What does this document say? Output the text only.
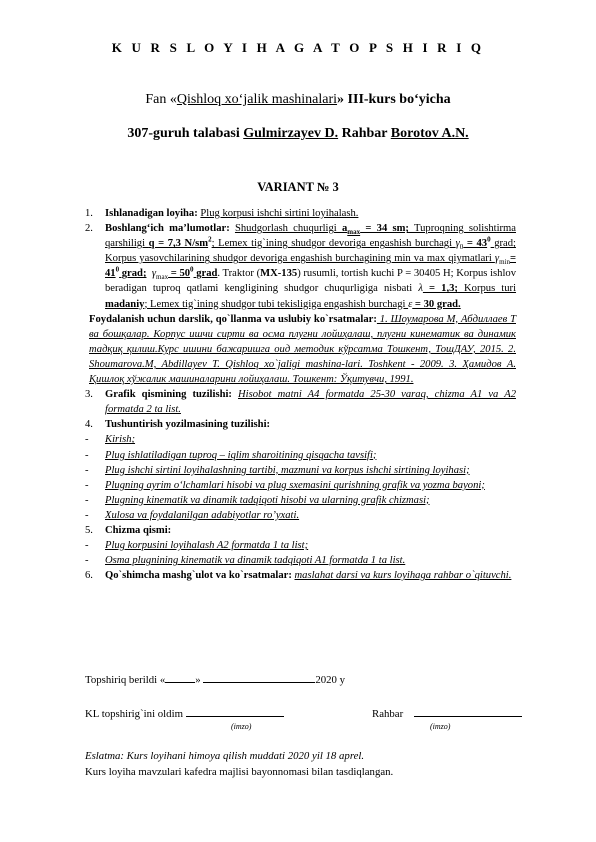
K U R S L O Y I H A G A T O P S H I R I Q
Fan «Qishloq xo‘jalik mashinalari» III-kurs bo‘yicha
307-guruh talabasi Gulmirzayev D. Rahbar Borotov A.N.
VARIANT № 3
1. Ishlanadigan loyiha: Plug korpusi ishchi sirtini loyihalash.
2. Boshlang‘ich ma’lumotlar: Shudgorlash chuqurligi $a_{max} = 34$ sm; Tuproqning solishtirma qarshiligi q = 7,3 $N/sm^2$; Lemex tig`ining shudgor devoriga engashish burchagi $\gamma_0 = 43^0$ grad; Korpus yasovchilarining shudgor devoriga engashish burchagining min va max qiymatlari $\gamma_{min}= 41^0$ grad; $\gamma_{max} = 50^0$ grad. Traktor (MX-135) rusumli, tortish kuchi P = 30405 H; Korpus ishlov beradigan tuproq qatlami kengligining shudgor chuqurligiga nisbati λ = 1,3; Korpus turi madaniy; Lemex tig`ining shudgor tubi tekisligiga engashish burchagi ε = 30 grad.
Foydalanish uchun darslik, qo`llanma va uslubiy ko`rsatmalar: 1. Шоумарова М, Абдиллаев Т ва бошқалар. Корпус ишчи сирти ва осма плугни лойиҳалаш, плугни кинематик ва динамик тадқиқ қилиш.Курс ишини бажаришга оид методик кўрсатма Тошкент, ТошДАУ, 2015. 2. Shoumarova.M, Abdillayev T. Qishloq xo`jaligi mashina-lari. Toshkent - 2009. 3. Ҳамидов А. Қишлоқ хўжалик машиналарини лойиҳалаш. Тошкент: Ўқитувчи, 1991.
3. Grafik qismining tuzilishi: Hisobot matni A4 formatda 25-30 varaq, chizma A1 va A2 formatda 2 ta list.
4. Tushuntirish yozilmasining tuzilishi:
- Kirish;
- Plug ishlatiladigan tuproq – iqlim sharoitining qisqacha tavsifi;
- Plug ishchi sirtini loyihalashning tartibi, mazmuni va korpus ishchi sirtining loyihasi;
- Plugning ayrim o‘lchamlari hisobi va plug sxemasini qurishning grafik va yozma bayoni;
- Plugning kinematik va dinamik tadqiqoti hisobi va ularning grafik chizmasi;
- Xulosa va foydalanilgan adabiyotlar ro’yxati.
5. Chizma qismi:
- Plug korpusini loyihalash A2 formatda 1 ta list;
- Osma plugnining kinematik va dinamik tadqiqoti A1 formatda 1 ta list.
6. Qo`shimcha mashg`ulot va ko`rsatmalar: maslahat darsi va kurs loyihaga rahbar o`qituvchi.
Topshiriq berildi «	»	2020 y
KL topshirig`ini oldim	Rahbar
(imzo)	(imzo)
Eslatma: Kurs loyihani himoya qilish muddati 2020 yil 18 aprel.
Kurs loyiha mavzulari kafedra majlisi bayonnomasi bilan tasdiqlangan.
